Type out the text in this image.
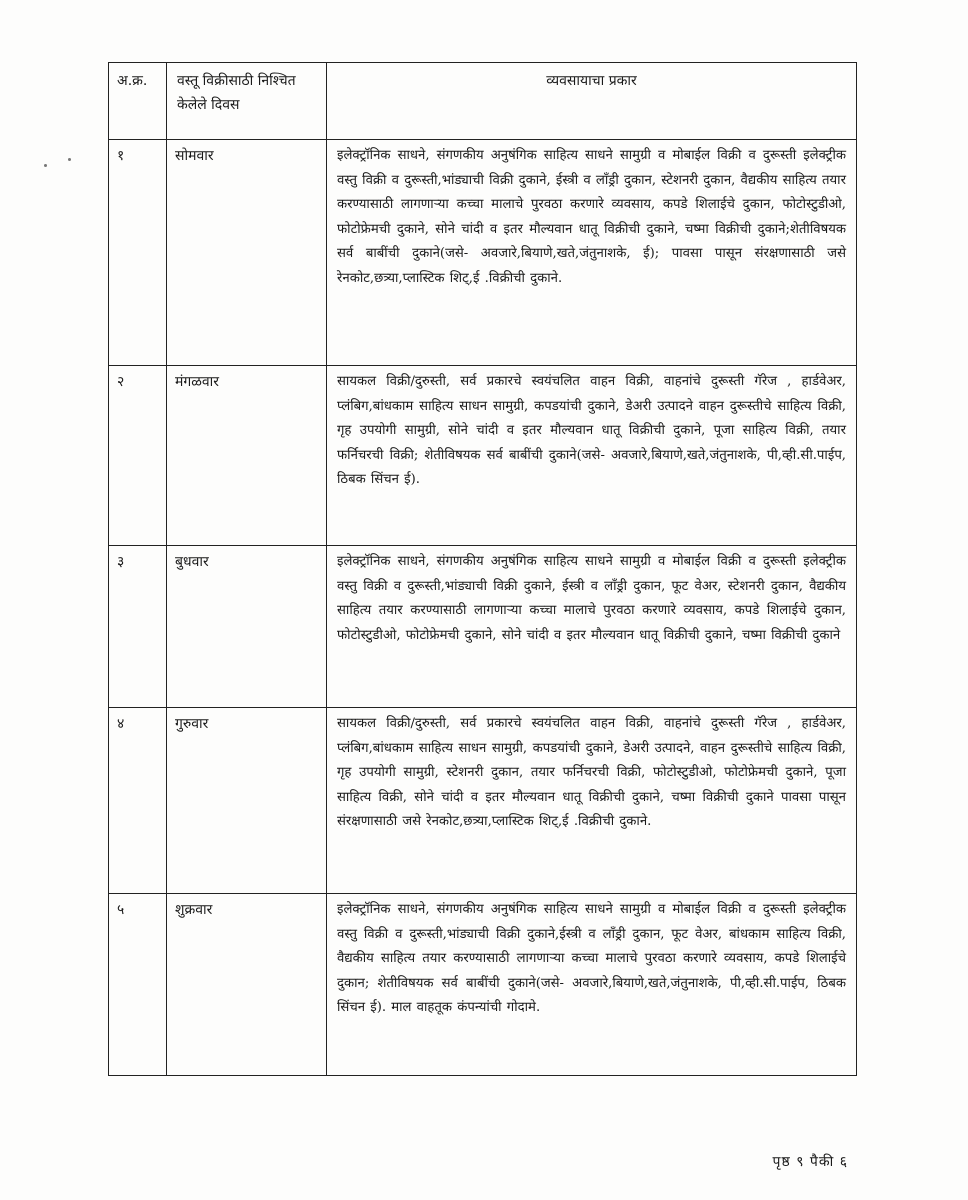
अ.क्र.	वस्तू विक्रीसाठी निश्चित केलेले दिवस	व्यवसायाचा प्रकार
१	सोमवार	इलेक्ट्रॉनिक साधने, संगणकीय अनुषंगिक साहित्य साधने सामुग्री व मोबाईल विक्री व दुरूस्ती इलेक्ट्रीक वस्तु विक्री व दुरूस्ती,भांड्याची विक्री दुकाने, ईस्त्री व लॉंड्री दुकान, स्टेशनरी दुकान, वैद्यकीय साहित्य तयार करण्यासाठी लागणाऱ्या कच्चा मालाचे पुरवठा करणारे व्यवसाय, कपडे शिलाईचे दुकान, फोटोस्टुडीओ, फोटोफ्रेमची दुकाने, सोने चांदी व इतर मौल्यवान धातू विक्रीची दुकाने, चष्मा विक्रीची दुकाने;शेतीविषयक सर्व बाबींची दुकाने(जसे- अवजारे,बियाणे,खते,जंतुनाशके, ई); पावसा पासून संरक्षणासाठी जसे रेनकोट,छत्र्या,प्लास्टिक शिट्,ई .विक्रीची दुकाने.
२	मंगळवार	सायकल विक्री/दुरुस्ती, सर्व प्रकारचे स्वयंचलित वाहन विक्री, वाहनांचे दुरूस्ती गॅरेज , हार्डवेअर, प्लंबिग,बांधकाम साहित्य साधन सामुग्री, कपडयांची दुकाने, डेअरी उत्पादने वाहन दुरूस्तीचे साहित्य विक्री, गृह उपयोगी सामुग्री, सोने चांदी व इतर मौल्यवान धातू विक्रीची दुकाने, पूजा साहित्य विक्री, तयार फर्निचरची विक्री; शेतीविषयक सर्व बाबींची दुकाने(जसे- अवजारे,बियाणे,खते,जंतुनाशके, पी,व्ही.सी.पाईप, ठिबक सिंचन ई).
३	बुधवार	इलेक्ट्रॉनिक साधने, संगणकीय अनुषंगिक साहित्य साधने सामुग्री व मोबाईल विक्री व दुरूस्ती इलेक्ट्रीक वस्तु विक्री व दुरूस्ती,भांड्याची विक्री दुकाने, ईस्त्री व लॉंड्री दुकान, फूट वेअर, स्टेशनरी दुकान, वैद्यकीय साहित्य तयार करण्यासाठी लागणाऱ्या कच्चा मालाचे पुरवठा करणारे व्यवसाय, कपडे शिलाईचे दुकान, फोटोस्टुडीओ, फोटोफ्रेमची दुकाने, सोने चांदी व इतर मौल्यवान धातू विक्रीची दुकाने, चष्मा विक्रीची दुकाने
४	गुरुवार	सायकल विक्री/दुरुस्ती, सर्व प्रकारचे स्वयंचलित वाहन विक्री, वाहनांचे दुरूस्ती गॅरेज , हार्डवेअर, प्लंबिग,बांधकाम साहित्य साधन सामुग्री, कपडयांची दुकाने, डेअरी उत्पादने, वाहन दुरूस्तीचे साहित्य विक्री, गृह उपयोगी सामुग्री, स्टेशनरी दुकान, तयार फर्निचरची विक्री, फोटोस्टुडीओ, फोटोफ्रेमची दुकाने, पूजा साहित्य विक्री, सोने चांदी व इतर मौल्यवान धातू विक्रीची दुकाने, चष्मा विक्रीची दुकाने पावसा पासून संरक्षणासाठी जसे रेनकोट,छत्र्या,प्लास्टिक शिट्,ई .विक्रीची दुकाने.
५	शुक्रवार	इलेक्ट्रॉनिक साधने, संगणकीय अनुषंगिक साहित्य साधने सामुग्री व मोबाईल विक्री व दुरूस्ती इलेक्ट्रीक वस्तु विक्री व दुरूस्ती,भांड्याची विक्री दुकाने,ईस्त्री व लॉंड्री दुकान, फूट वेअर, बांधकाम साहित्य विक्री, वैद्यकीय साहित्य तयार करण्यासाठी लागणाऱ्या कच्चा मालाचे पुरवठा करणारे व्यवसाय, कपडे शिलाईचे दुकान; शेतीविषयक सर्व बाबींची दुकाने(जसे- अवजारे,बियाणे,खते,जंतुनाशके, पी,व्ही.सी.पाईप, ठिबक सिंचन ई). माल वाहतूक कंपन्यांची गोदामे.
पृष्ठ ९ पैकी ६
